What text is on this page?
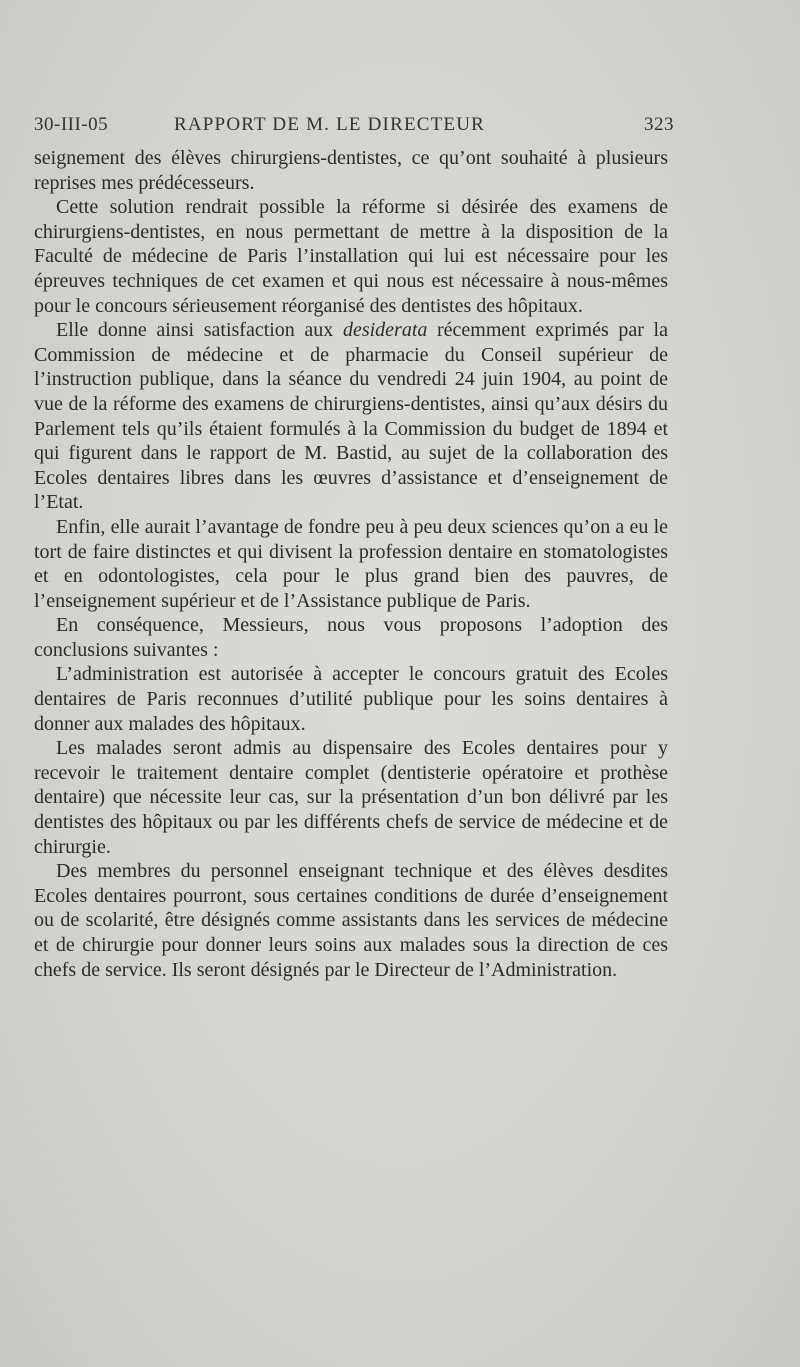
30-III-05	RAPPORT DE M. LE DIRECTEUR	323

seignement des élèves chirurgiens-dentistes, ce qu’ont souhaité à plusieurs reprises mes prédécesseurs.

Cette solution rendrait possible la réforme si désirée des examens de chirurgiens-dentistes, en nous permettant de mettre à la disposition de la Faculté de médecine de Paris l’installation qui lui est nécessaire pour les épreuves techniques de cet examen et qui nous est nécessaire à nous-mêmes pour le concours sérieusement réorganisé des dentistes des hôpitaux.

Elle donne ainsi satisfaction aux desiderata récemment exprimés par la Commission de médecine et de pharmacie du Conseil supérieur de l’instruction publique, dans la séance du vendredi 24 juin 1904, au point de vue de la réforme des examens de chirurgiens-dentistes, ainsi qu’aux désirs du Parlement tels qu’ils étaient formulés à la Commission du budget de 1894 et qui figurent dans le rapport de M. Bastid, au sujet de la collaboration des Ecoles dentaires libres dans les œuvres d’assistance et d’enseignement de l’Etat.

Enfin, elle aurait l’avantage de fondre peu à peu deux sciences qu’on a eu le tort de faire distinctes et qui divisent la profession dentaire en stomatologistes et en odontologistes, cela pour le plus grand bien des pauvres, de l’enseignement supérieur et de l’Assistance publique de Paris.

En conséquence, Messieurs, nous vous proposons l’adoption des conclusions suivantes :

L’administration est autorisée à accepter le concours gratuit des Ecoles dentaires de Paris reconnues d’utilité publique pour les soins dentaires à donner aux malades des hôpitaux.

Les malades seront admis au dispensaire des Ecoles dentaires pour y recevoir le traitement dentaire complet (dentisterie opératoire et prothèse dentaire) que nécessite leur cas, sur la présentation d’un bon délivré par les dentistes des hôpitaux ou par les différents chefs de service de médecine et de chirurgie.

Des membres du personnel enseignant technique et des élèves desdites Ecoles dentaires pourront, sous certaines conditions de durée d’enseignement ou de scolarité, être désignés comme assistants dans les services de médecine et de chirurgie pour donner leurs soins aux malades sous la direction de ces chefs de service. Ils seront désignés par le Directeur de l’Administration.
